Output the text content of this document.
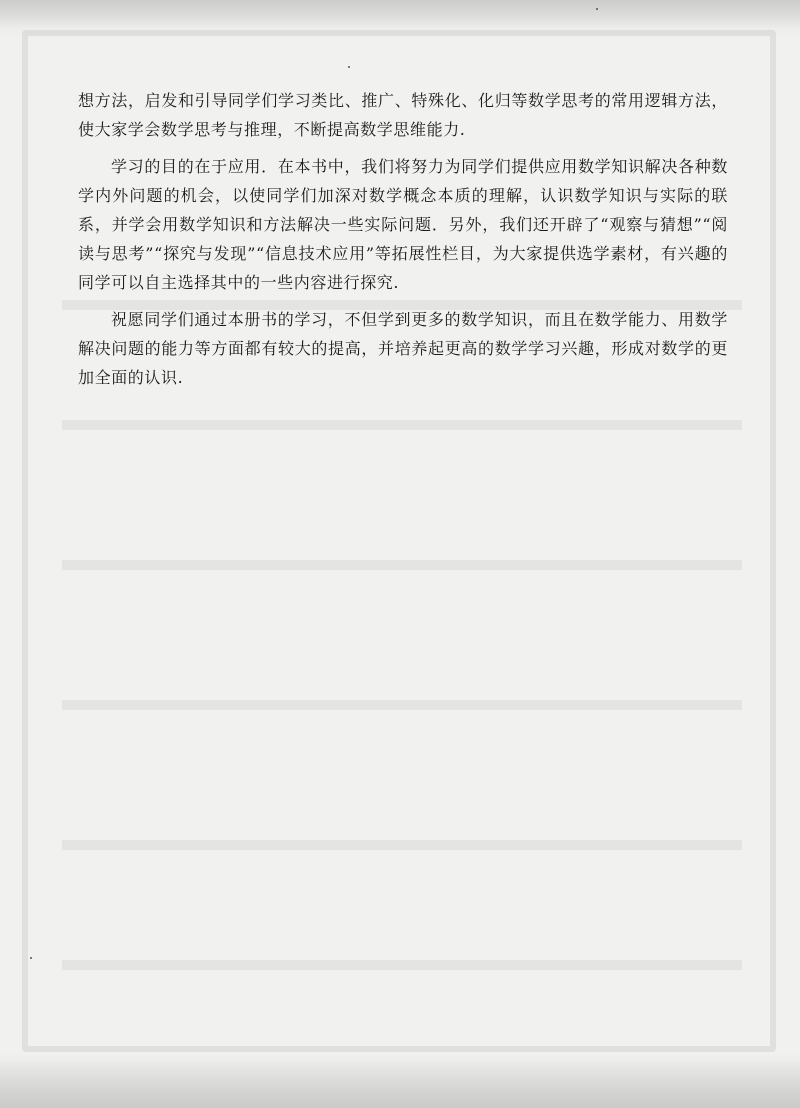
想方法，启发和引导同学们学习类比、推广、特殊化、化归等数学思考的常用逻辑方法，使大家学会数学思考与推理，不断提高数学思维能力.

学习的目的在于应用．在本书中，我们将努力为同学们提供应用数学知识解决各种数学内外问题的机会，以使同学们加深对数学概念本质的理解，认识数学知识与实际的联系，并学会用数学知识和方法解决一些实际问题．另外，我们还开辟了“观察与猜想”“阅读与思考”“探究与发现”“信息技术应用”等拓展性栏目，为大家提供选学素材，有兴趣的同学可以自主选择其中的一些内容进行探究.

祝愿同学们通过本册书的学习，不但学到更多的数学知识，而且在数学能力、用数学解决问题的能力等方面都有较大的提高，并培养起更高的数学学习兴趣，形成对数学的更加全面的认识.
